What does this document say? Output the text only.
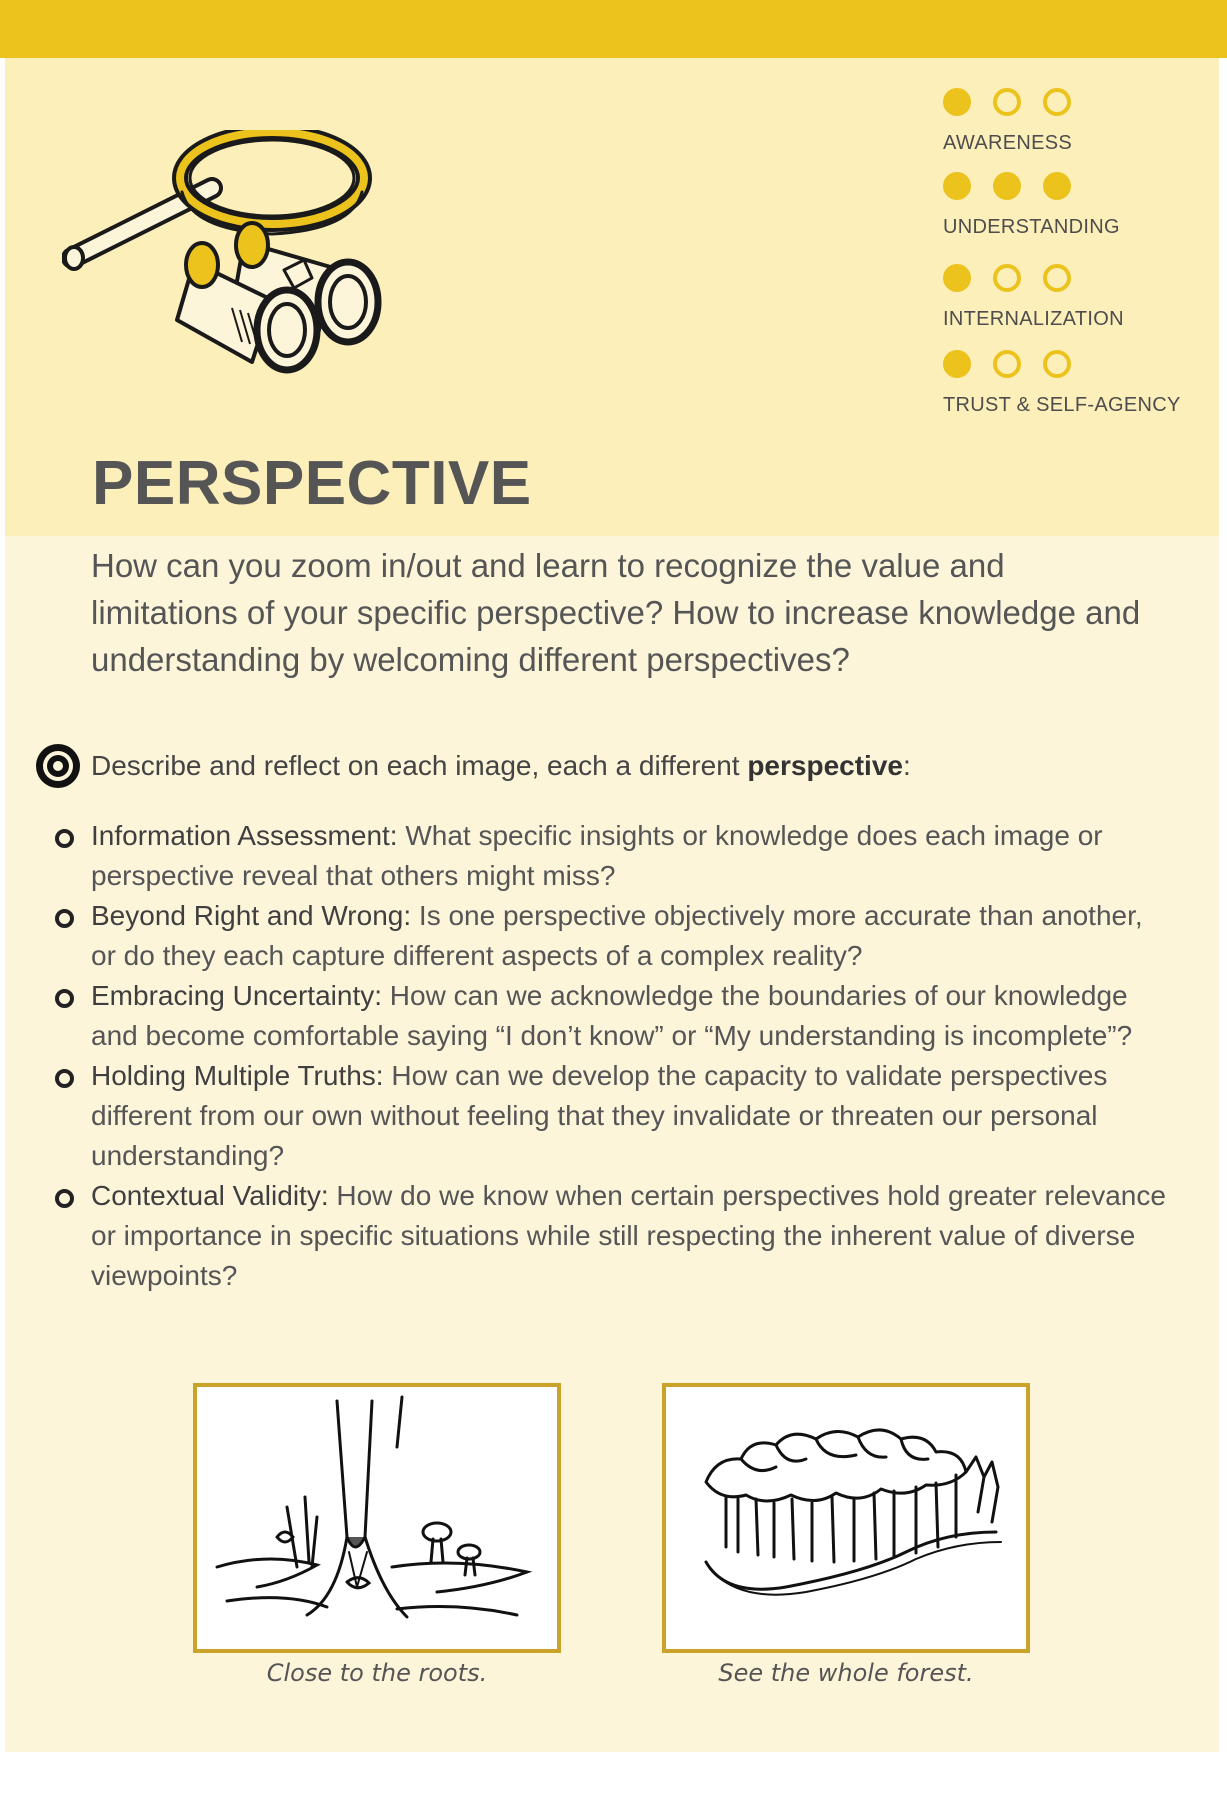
AWARENESS
UNDERSTANDING
INTERNALIZATION
TRUST & SELF-AGENCY
PERSPECTIVE

How can you zoom in/out and learn to recognize the value and limitations of your specific perspective? How to increase knowledge and understanding by welcoming different perspectives?

Describe and reflect on each image, each a different perspective:
Information Assessment: What specific insights or knowledge does each image or perspective reveal that others might miss?
Beyond Right and Wrong: Is one perspective objectively more accurate than another, or do they each capture different aspects of a complex reality?
Embracing Uncertainty: How can we acknowledge the boundaries of our knowledge and become comfortable saying “I don’t know” or “My understanding is incomplete”?
Holding Multiple Truths: How can we develop the capacity to validate perspectives different from our own without feeling that they invalidate or threaten our personal understanding?
Contextual Validity: How do we know when certain perspectives hold greater relevance or importance in specific situations while still respecting the inherent value of diverse viewpoints?
Close to the roots.	See the whole forest.
